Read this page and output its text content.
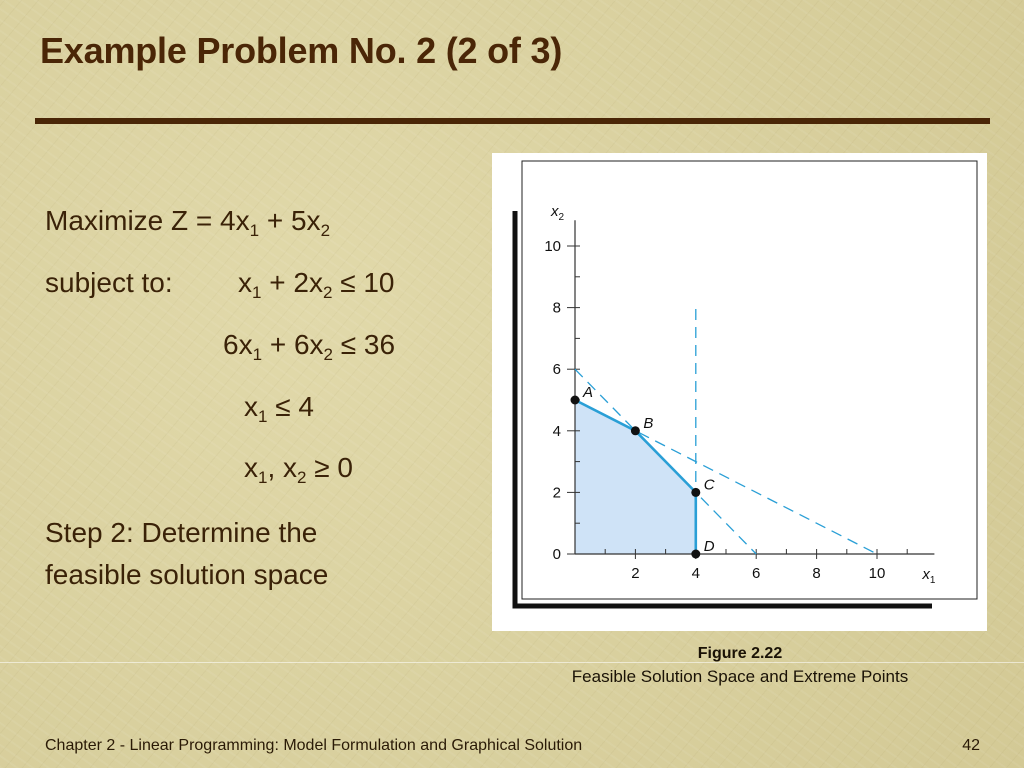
Example Problem No. 2 (2 of 3)
Maximize $Z = 4x_1 + 5x_2$
subject to: $x_1 + 2x_2 \le 10$
$6x_1 + 6x_2 \le 36$
$x_1 \le 4$
$x_1$, $x_2 \ge 0$
Step 2: Determine the feasible solution space	2	4	6	8	10
0
2
4
6
8
10
A
B
C
D
$x_1$
$x_2$
Figure 2.22
Feasible Solution Space and Extreme Points
Chapter 2 - Linear Programming: Model Formulation and Graphical Solution	42
